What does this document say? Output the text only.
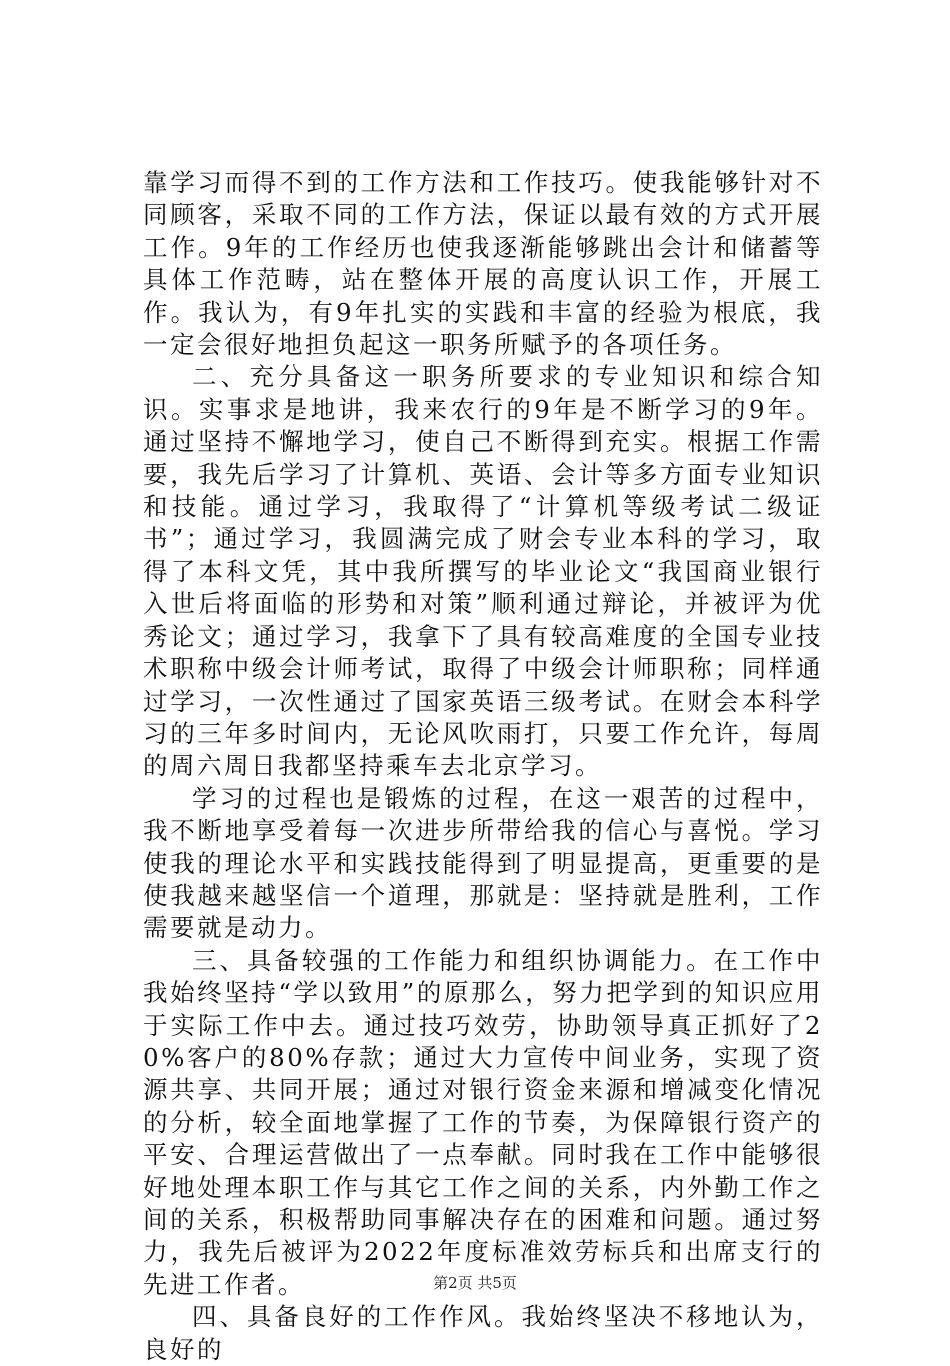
靠学习而得不到的工作方法和工作技巧。使我能够针对不同顾客，采取不同的工作方法，保证以最有效的方式开展工作。9年的工作经历也使我逐渐能够跳出会计和储蓄等具体工作范畴，站在整体开展的高度认识工作，开展工作。我认为，有9年扎实的实践和丰富的经验为根底，我一定会很好地担负起这一职务所赋予的各项任务。

二、充分具备这一职务所要求的专业知识和综合知识。实事求是地讲，我来农行的9年是不断学习的9年。通过坚持不懈地学习，使自己不断得到充实。根据工作需要，我先后学习了计算机、英语、会计等多方面专业知识和技能。通过学习，我取得了“计算机等级考试二级证书”；通过学习，我圆满完成了财会专业本科的学习，取得了本科文凭，其中我所撰写的毕业论文“我国商业银行入世后将面临的形势和对策”顺利通过辩论，并被评为优秀论文；通过学习，我拿下了具有较高难度的全国专业技术职称中级会计师考试，取得了中级会计师职称；同样通过学习，一次性通过了国家英语三级考试。在财会本科学习的三年多时间内，无论风吹雨打，只要工作允许，每周的周六周日我都坚持乘车去北京学习。

学习的过程也是锻炼的过程，在这一艰苦的过程中，我不断地享受着每一次进步所带给我的信心与喜悦。学习使我的理论水平和实践技能得到了明显提高，更重要的是使我越来越坚信一个道理，那就是：坚持就是胜利，工作需要就是动力。

三、具备较强的工作能力和组织协调能力。在工作中我始终坚持“学以致用”的原那么，努力把学到的知识应用于实际工作中去。通过技巧效劳，协助领导真正抓好了20%客户的80%存款；通过大力宣传中间业务，实现了资源共享、共同开展；通过对银行资金来源和增减变化情况的分析，较全面地掌握了工作的节奏，为保障银行资产的平安、合理运营做出了一点奉献。同时我在工作中能够很好地处理本职工作与其它工作之间的关系，内外勤工作之间的关系，积极帮助同事解决存在的困难和问题。通过努力，我先后被评为2022年度标准效劳标兵和出席支行的先进工作者。

四、具备良好的工作作风。我始终坚决不移地认为，良好的

第2页 共5页
